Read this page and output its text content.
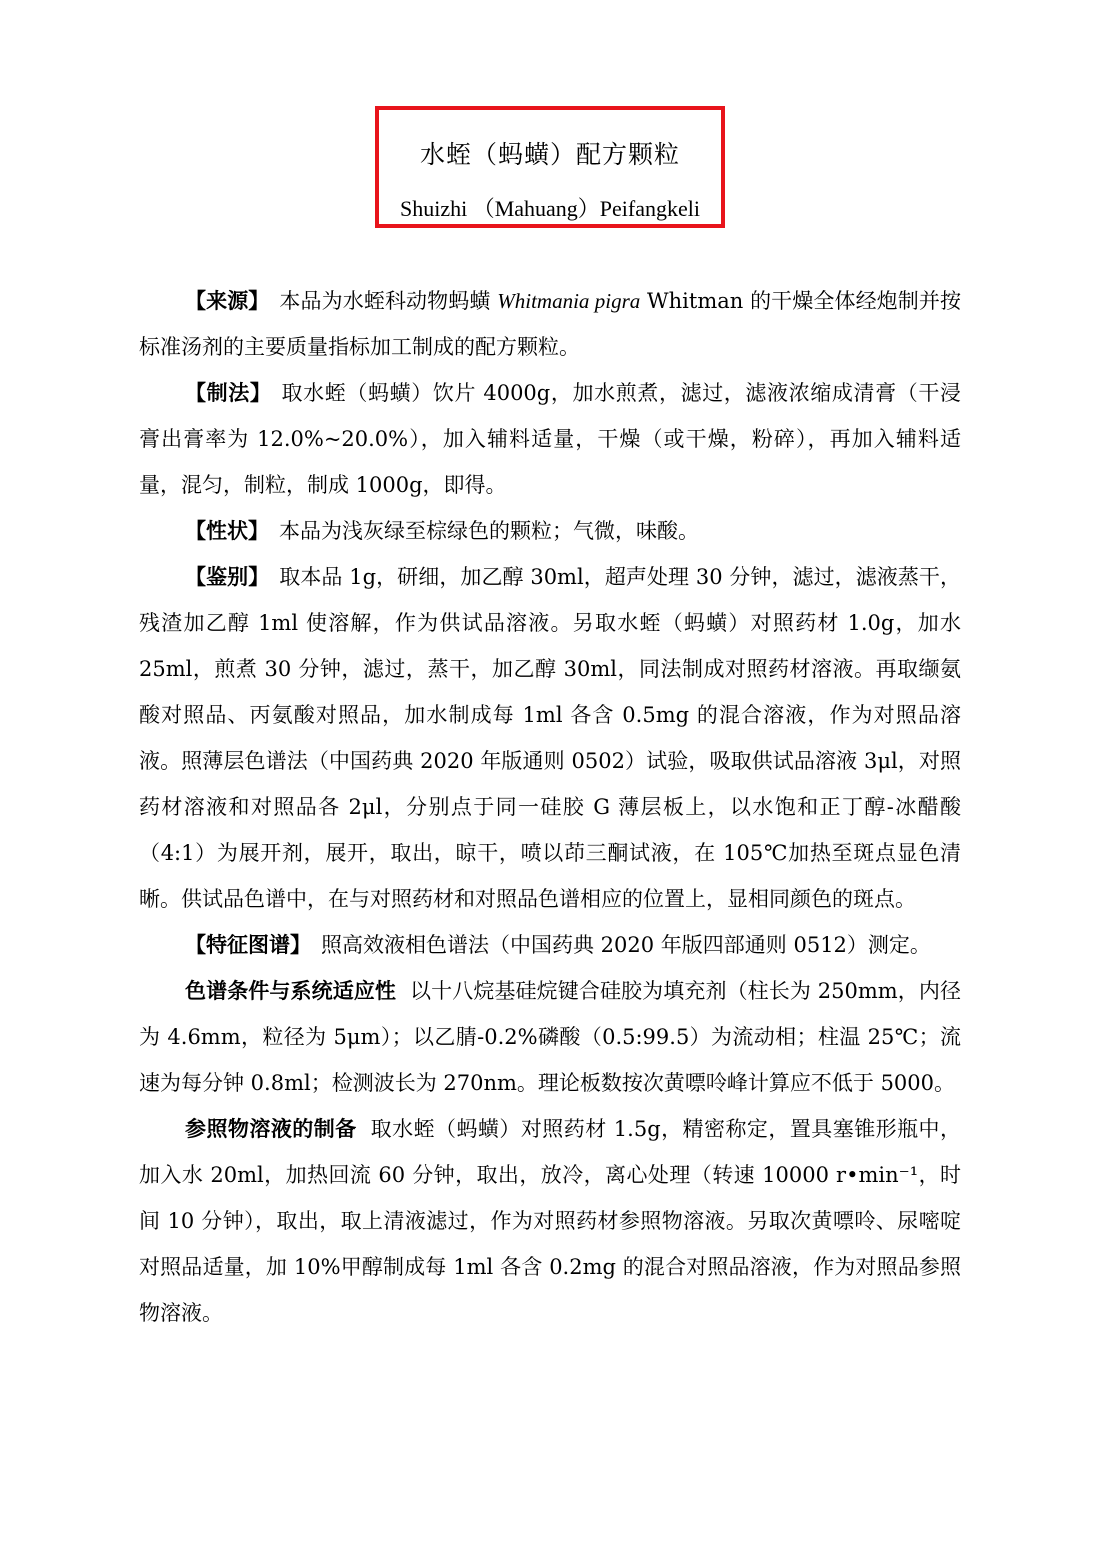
水蛭（蚂蟥）配方颗粒
Shuizhi （Mahuang）Peifangkeli

【来源】 本品为水蛭科动物蚂蟥 Whitmania pigra Whitman 的干燥全体经炮制并按标准汤剂的主要质量指标加工制成的配方颗粒。

【制法】 取水蛭（蚂蟥）饮片 4000g，加水煎煮，滤过，滤液浓缩成清膏（干浸膏出膏率为 12.0%~20.0%），加入辅料适量，干燥（或干燥，粉碎），再加入辅料适量，混匀，制粒，制成 1000g，即得。

【性状】 本品为浅灰绿至棕绿色的颗粒；气微，味酸。

【鉴别】 取本品 1g，研细，加乙醇 30ml，超声处理 30 分钟，滤过，滤液蒸干，残渣加乙醇 1ml 使溶解，作为供试品溶液。另取水蛭（蚂蟥）对照药材 1.0g，加水 25ml，煎煮 30 分钟，滤过，蒸干，加乙醇 30ml，同法制成对照药材溶液。再取缬氨酸对照品、丙氨酸对照品，加水制成每 1ml 各含 0.5mg 的混合溶液，作为对照品溶液。照薄层色谱法（中国药典 2020 年版通则 0502）试验，吸取供试品溶液 3μl，对照药材溶液和对照品各 2μl，分别点于同一硅胶 G 薄层板上，以水饱和正丁醇-冰醋酸（4:1）为展开剂，展开，取出，晾干，喷以茚三酮试液，在 105℃加热至斑点显色清晰。供试品色谱中，在与对照药材和对照品色谱相应的位置上，显相同颜色的斑点。

【特征图谱】 照高效液相色谱法（中国药典 2020 年版四部通则 0512）测定。

色谱条件与系统适应性 以十八烷基硅烷键合硅胶为填充剂（柱长为 250mm，内径为 4.6mm，粒径为 5μm）；以乙腈-0.2%磷酸（0.5:99.5）为流动相；柱温 25℃；流速为每分钟 0.8ml；检测波长为 270nm。理论板数按次黄嘌呤峰计算应不低于 5000。

参照物溶液的制备 取水蛭（蚂蟥）对照药材 1.5g，精密称定，置具塞锥形瓶中，加入水 20ml，加热回流 60 分钟，取出，放冷，离心处理（转速 10000 r•min⁻¹，时间 10 分钟），取出，取上清液滤过，作为对照药材参照物溶液。另取次黄嘌呤、尿嘧啶对照品适量，加 10%甲醇制成每 1ml 各含 0.2mg 的混合对照品溶液，作为对照品参照物溶液。
